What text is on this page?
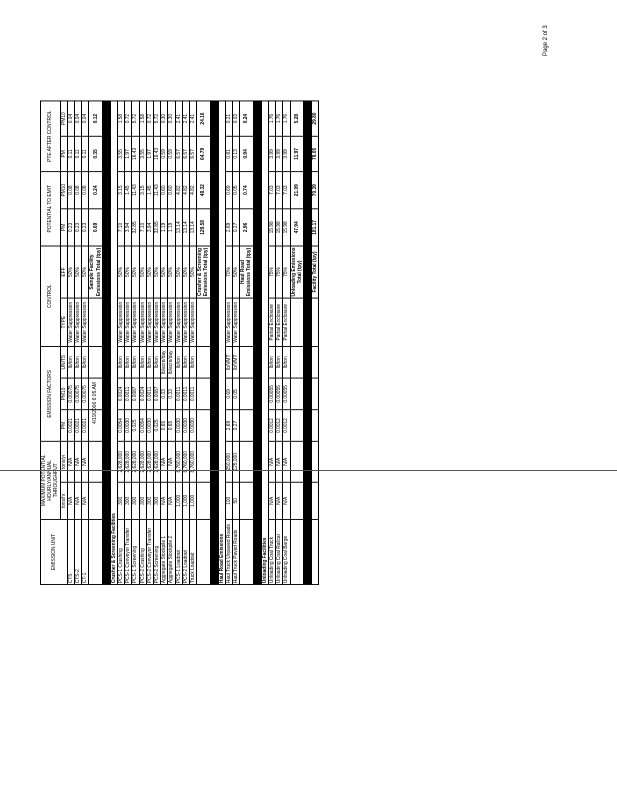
EMISSION UNIT	MAXIMUM POTENTIAL HOURLY/ANNUAL THROUGHPUT		EMISSION FACTORS			CONTROL		POTENTIAL TO EMIT		PTE AFTER CONTROL	
	tons/hr	tons/yr	PM	PM10	UNITS	TYPE	EFF	PM	PM10	PM	PM10
CTS	N/A	N/A	0.0021	0.00075	lb/ton	Water Suppression	50%	0.23	0.08	0.11	0.04
CTS-2	N/A	N/A	0.0021	0.00075	lb/ton	Water Suppression	50%	0.23	0.08	0.11	0.04
CT-1	N/A	N/A	0.0021	0.00075	lb/ton	Water Suppression	50%	0.23	0.08	0.11	0.04
							Sample Facility Emissions Total (tpy)	0.69	0.24	0.35	0.12

Crusher & Screening Facilities											
PCS-1 Crushing	300	2,628,000	0.0054	0.0024	lb/ton	Water Suppression	50%	7.10	3.15	3.55	1.58
PCS-1 Conveyor Transfer	300	2,628,000	0.0030	0.0011	lb/ton	Water Suppression	50%	3.94	1.45	1.97	0.72
PCS-1 Screening	300	2,628,000	0.025	0.0087	lb/ton	Water Suppression	50%	32.85	11.43	16.43	5.72
PCS-2 Crushing	300	2,628,000	0.0054	0.0024	lb/ton	Water Suppression	50%	7.10	3.15	3.55	1.58
PCS-2 Conveyor Transfer	300	2,628,000	0.0030	0.0011	lb/ton	Water Suppression	50%	3.94	1.45	1.97	0.72
PCS-2 Screening	300	2,628,000	0.025	0.0087	lb/ton	Water Suppression	50%	32.85	11.43	16.43	5.72
Aggregate Stockpile 1	N/A	N/A	0.65	0.33	lb/acre/day	Water Suppression	50%	1.19	0.60	0.59	0.30
Aggregate Stockpile 2	N/A	N/A	0.65	0.33	lb/acre/day	Water Suppression	50%	1.19	0.60	0.59	0.30
PCS-1 Loadout	1,000	8,760,000	0.0030	0.0011	lb/ton	Water Suppression	50%	13.14	4.82	6.57	2.41
PCS-2 Loadout	1,000	8,760,000	0.0030	0.0011	lb/ton	Water Suppression	50%	13.14	4.82	6.57	2.41
Truck Loadout	1,000	8,760,000	0.0030	0.0011	lb/ton	Water Suppression	50%	13.14	4.82	6.57	2.41
							Crusher & Screening Emissions Total (tpy)	129.58	48.32	64.79	24.16

Haul Road Emissions											
Haul Truck Unpaved Roads	100	250,000	2.69	0.69	lb/VMT	Water Suppression	70%	2.69	0.69	0.81	0.21
Haul Truck Paved Roads	50	125,000	0.27	0.05	lb/VMT	Water Suppression	50%	0.27	0.05	0.13	0.03
							Haul Road Emissions Total (tpy)	2.96	0.74	0.94	0.24

Unloading Facilities											
Unloading Coal Truck	N/A	N/A	0.0012	0.00055	lb/ton	Partial Enclosure	75%	15.98	7.03	3.99	1.76
Unloading Coal Railcar	N/A	N/A	0.0012	0.00055	lb/ton	Partial Enclosure	75%	15.98	7.03	3.99	1.76
Unloading Coal Barge	N/A	N/A	0.0012	0.00055	lb/ton	Partial Enclosure	75%	15.98	7.03	3.99	1.76
							Unloading Emissions Total (tpy)	47.94	21.09	11.97	5.28

							Facility Total (tpy)	181.17	70.39	78.05	29.80
Page 2 of 3
4/19/2006 6:05 AM
